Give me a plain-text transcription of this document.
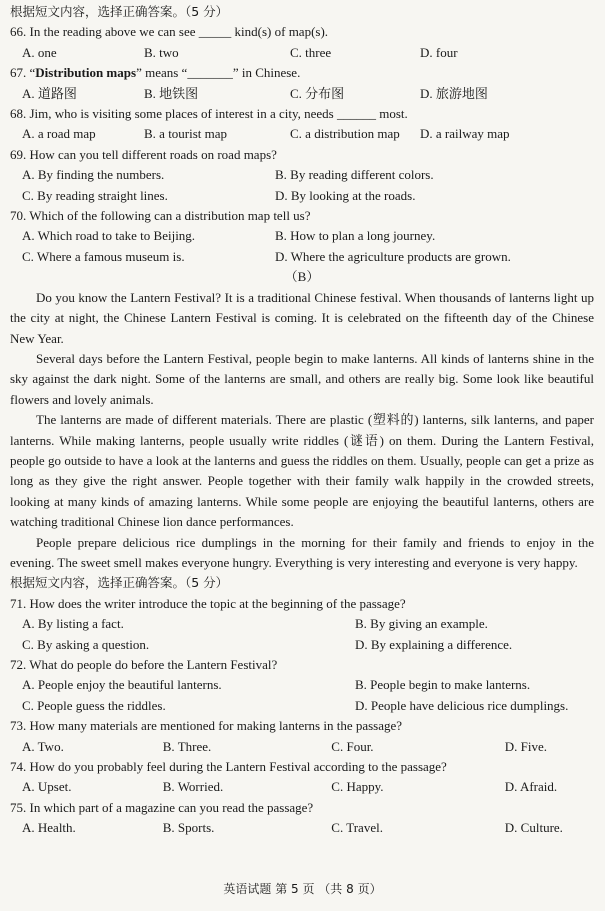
根据短文内容，选择正确答案。（5 分）
66. In the reading above we can see _____ kind(s) of map(s).
A. one	B. two	C. three	D. four
67. “Distribution maps” means “_______” in Chinese.
A. 道路图	B. 地铁图	C. 分布图	D. 旅游地图
68. Jim, who is visiting some places of interest in a city, needs ______ most.
A. a road map	B. a tourist map	C. a distribution map	D. a railway map
69. How can you tell different roads on road maps?
A. By finding the numbers.	B. By reading different colors.
C. By reading straight lines.	D. By looking at the roads.
70. Which of the following can a distribution map tell us?
A. Which road to take to Beijing.	B. How to plan a long journey.
C. Where a famous museum is.	D. Where the agriculture products are grown.
（B）
Do you know the Lantern Festival? It is a traditional Chinese festival. When thousands of lanterns light up the city at night, the Chinese Lantern Festival is coming. It is celebrated on the fifteenth day of the Chinese New Year.
Several days before the Lantern Festival, people begin to make lanterns. All kinds of lanterns shine in the sky against the dark night. Some of the lanterns are small, and others are really big. Some look like beautiful flowers and lovely animals.
The lanterns are made of different materials. There are plastic (塑料的) lanterns, silk lanterns, and paper lanterns. While making lanterns, people usually write riddles (谜语) on them. During the Lantern Festival, people go outside to have a look at the lanterns and guess the riddles on them. Usually, people can get a prize as long as they give the right answer. People together with their family walk happily in the crowded streets, looking at many kinds of amazing lanterns. While some people are enjoying the beautiful lanterns, others are watching traditional Chinese lion dance performances.
People prepare delicious rice dumplings in the morning for their family and friends to enjoy in the evening. The sweet smell makes everyone hungry. Everything is very interesting and everyone is very happy.
根据短文内容，选择正确答案。（5 分）
71. How does the writer introduce the topic at the beginning of the passage?
A. By listing a fact.	B. By giving an example.
C. By asking a question.	D. By explaining a difference.
72. What do people do before the Lantern Festival?
A. People enjoy the beautiful lanterns.	B. People begin to make lanterns.
C. People guess the riddles.	D. People have delicious rice dumplings.
73. How many materials are mentioned for making lanterns in the passage?
A. Two.	B. Three.	C. Four.	D. Five.
74. How do you probably feel during the Lantern Festival according to the passage?
A. Upset.	B. Worried.	C. Happy.	D. Afraid.
75. In which part of a magazine can you read the passage?
A. Health.	B. Sports.	C. Travel.	D. Culture.
英语试题 第 5 页 （共 8 页）
